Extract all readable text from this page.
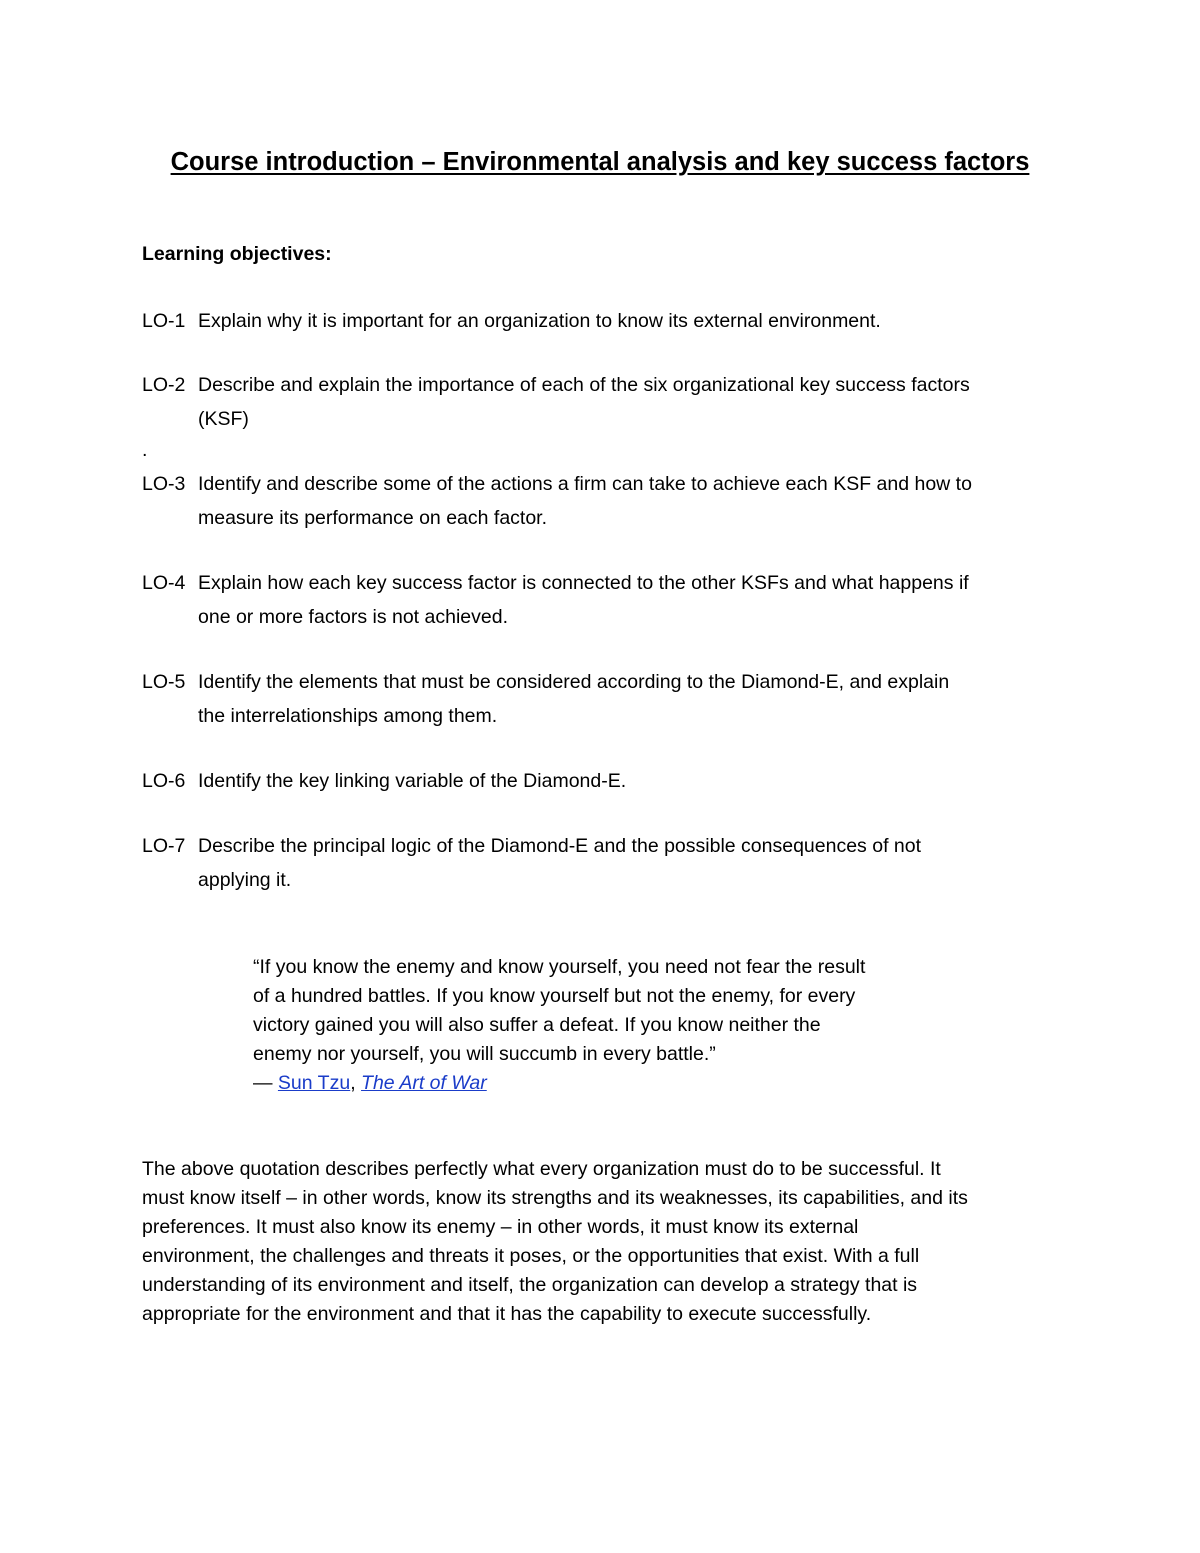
Course introduction – Environmental analysis and key success factors
Learning objectives:
LO-1 Explain why it is important for an organization to know its external environment.
LO-2 Describe and explain the importance of each of the six organizational key success factors
(KSF)
.
LO-3 Identify and describe some of the actions a firm can take to achieve each KSF and how to
measure its performance on each factor.
LO-4 Explain how each key success factor is connected to the other KSFs and what happens if
one or more factors is not achieved.
LO-5 Identify the elements that must be considered according to the Diamond-E, and explain
the interrelationships among them.
LO-6 Identify the key linking variable of the Diamond-E.
LO-7 Describe the principal logic of the Diamond-E and the possible consequences of not
applying it.
“If you know the enemy and know yourself, you need not fear the result
of a hundred battles. If you know yourself but not the enemy, for every
victory gained you will also suffer a defeat. If you know neither the
enemy nor yourself, you will succumb in every battle.”
― Sun Tzu, The Art of War
The above quotation describes perfectly what every organization must do to be successful. It
must know itself – in other words, know its strengths and its weaknesses, its capabilities, and its
preferences. It must also know its enemy – in other words, it must know its external
environment, the challenges and threats it poses, or the opportunities that exist. With a full
understanding of its environment and itself, the organization can develop a strategy that is
appropriate for the environment and that it has the capability to execute successfully.
